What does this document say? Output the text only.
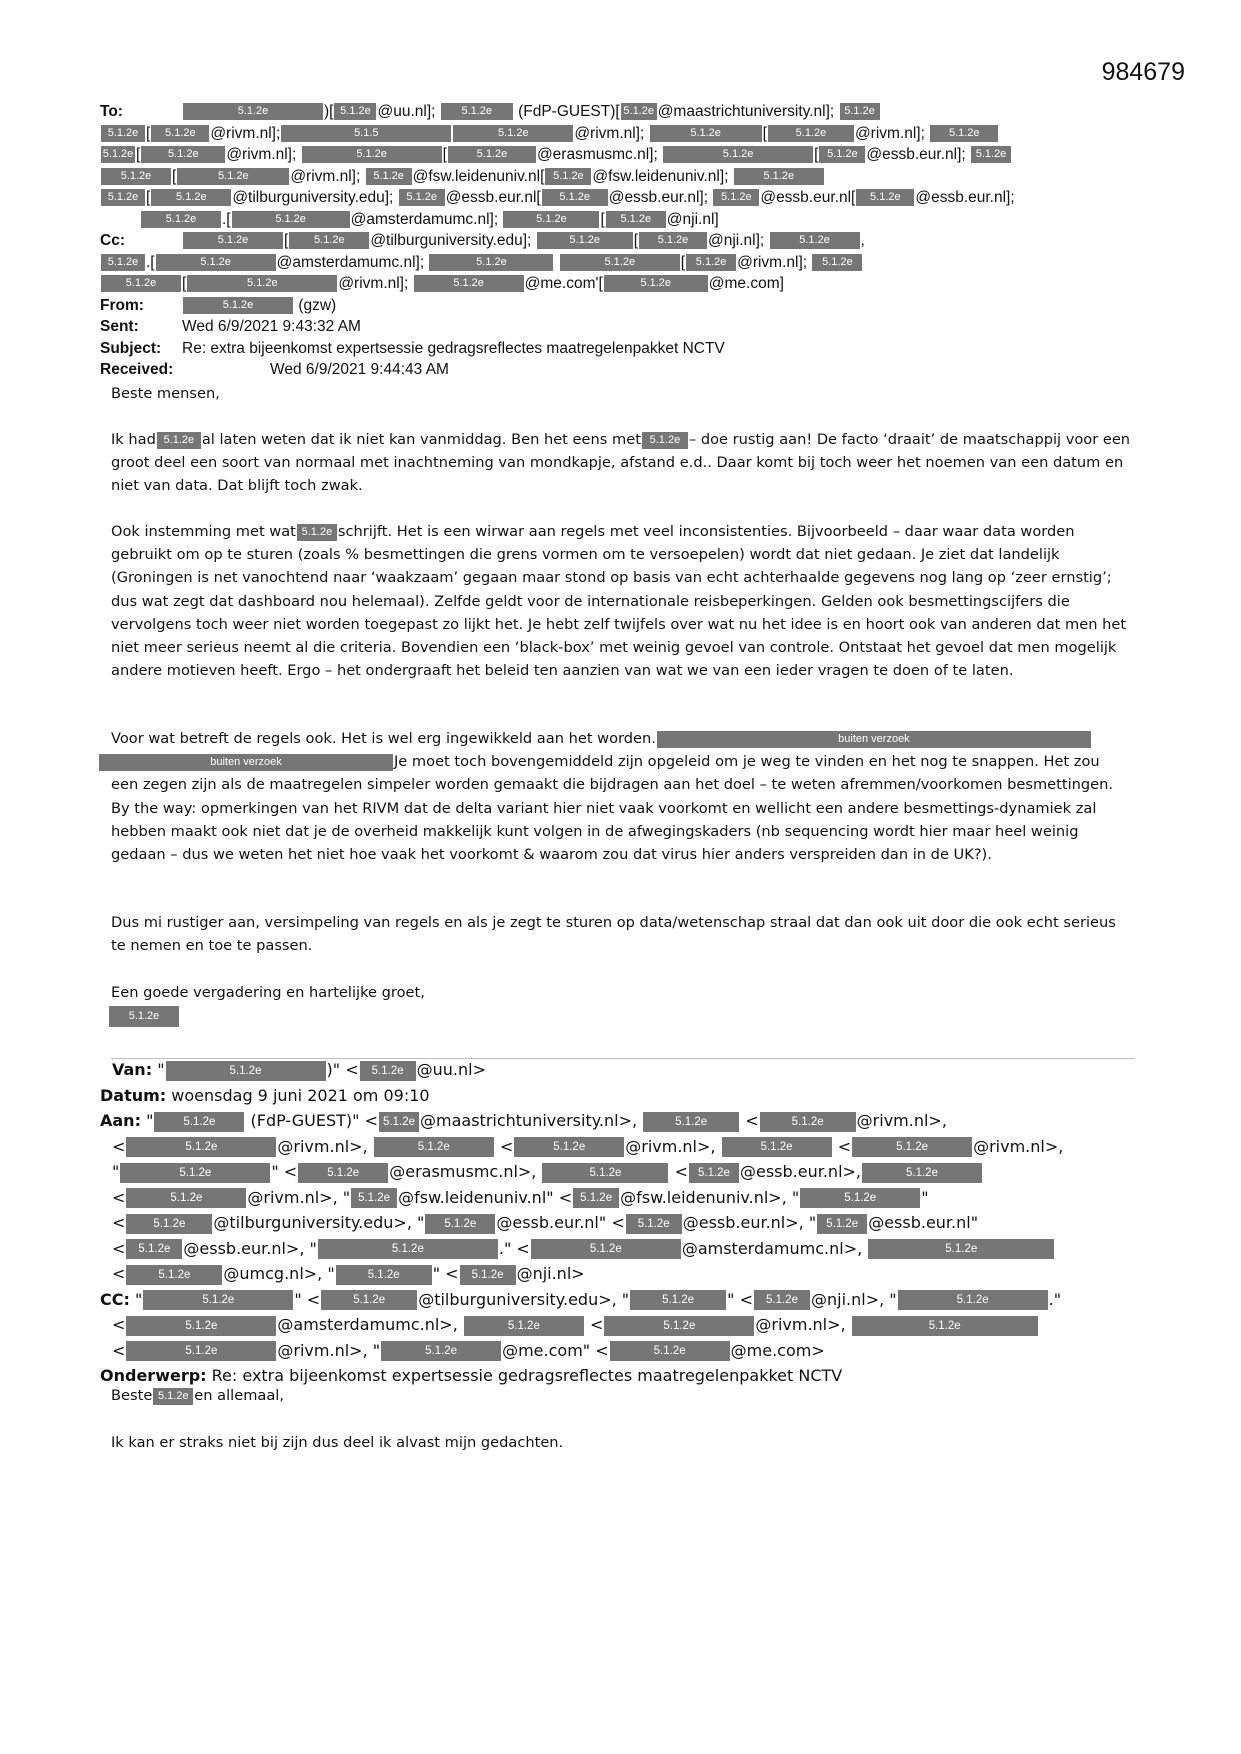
984679
To:	5.1.2e	)[ 5.1.2e @uu.nl]; 5.1.2e (FdP-GUEST)[ 5.1.2e @maastrichtuniversity.nl]; 5.1.2e
5.1.2e [ 5.1.2e @rivm.nl];	5.1.5	5.1.2e	@rivm.nl];	5.1.2e	[	5.1.2e @rivm.nl]; 5.1.2e
5.1.2e [	5.1.2e @rivm.nl];	5.1.2e	[	5.1.2e @erasmusmc.nl];	5.1.2e	[ 5.1.2e @essb.eur.nl]; 5.1.2e
5.1.2e [	5.1.2e	@rivm.nl]; 5.1.2e @fsw.leidenuniv.nl[ 5.1.2e @fsw.leidenuniv.nl];	5.1.2e
5.1.2e [ 5.1.2e @tilburguniversity.edu]; 5.1.2e @essb.eur.nl[ 5.1.2e @essb.eur.nl]; 5.1.2e @essb.eur.nl[ 5.1.2e @essb.eur.nl];
5.1.2e .[	5.1.2e	@amsterdamumc.nl];	5.1.2e [ 5.1.2e @nji.nl]
Cc:	5.1.2e [ 5.1.2e @tilburguniversity.edu];	5.1.2e [ 5.1.2e @nji.nl];	5.1.2e ,
5.1.2e .[	5.1.2e	@amsterdamumc.nl];	5.1.2e	5.1.2e	[ 5.1.2e @rivm.nl]; 5.1.2e
5.1.2e [	5.1.2e	@rivm.nl];	5.1.2e	@me.com'[	5.1.2e @me.com]
From:	5.1.2e	(gzw)
Sent:	Wed 6/9/2021 9:43:32 AM
Subject: Re: extra bijeenkomst expertsessie gedragsreflectes maatregelenpakket NCTV
Received:	Wed 6/9/2021 9:44:43 AM

Beste mensen,

Ik had 5.1.2e al laten weten dat ik niet kan vanmiddag. Ben het eens met 5.1.2e – doe rustig aan! De facto ‘draait’ de maatschappij voor een groot deel een soort van normaal met inachtneming van mondkapje, afstand e.d.. Daar komt bij toch weer het noemen van een datum en niet van data. Dat blijft toch zwak.

Ook instemming met wat 5.1.2e schrijft. Het is een wirwar aan regels met veel inconsistenties. Bijvoorbeeld – daar waar data worden gebruikt om op te sturen (zoals % besmettingen die grens vormen om te versoepelen) wordt dat niet gedaan. Je ziet dat landelijk (Groningen is net vanochtend naar ‘waakzaam’ gegaan maar stond op basis van echt achterhaalde gegevens nog lang op ‘zeer ernstig’; dus wat zegt dat dashboard nou helemaal). Zelfde geldt voor de internationale reisbeperkingen. Gelden ook besmettingscijfers die vervolgens toch weer niet worden toegepast zo lijkt het. Je hebt zelf twijfels over wat nu het idee is en hoort ook van anderen dat men het niet meer serieus neemt al die criteria. Bovendien een ‘black-box’ met weinig gevoel van controle. Ontstaat het gevoel dat men mogelijk andere motieven heeft. Ergo – het ondergraaft het beleid ten aanzien van wat we van een ieder vragen te doen of te laten.

Voor wat betreft de regels ook. Het is wel erg ingewikkeld aan het worden.	buiten verzoekbuiten verzoek	Je moet toch bovengemiddeld zijn opgeleid om je weg te vinden en het nog te snappen. Het zou een zegen zijn als de maatregelen simpeler worden gemaakt die bijdragen aan het doel – te weten afremmen/voorkomen besmettingen. By the way: opmerkingen van het RIVM dat de delta variant hier niet vaak voorkomt en wellicht een andere besmettings-dynamiek zal hebben maakt ook niet dat je de overheid makkelijk kunt volgen in de afwegingskaders (nb sequencing wordt hier maar heel weinig gedaan – dus we weten het niet hoe vaak het voorkomt & waarom zou dat virus hier anders verspreiden dan in de UK?).

Dus mi rustiger aan, versimpeling van regels en als je zegt te sturen op data/wetenschap straal dat dan ook uit door die ook echt serieus te nemen en toe te passen.

Een goede vergadering en hartelijke groet,

5.1.2e

Van: "	5.1.2e	)" < 5.1.2e @uu.nl>
Datum: woensdag 9 juni 2021 om 09:10
Aan: "	5.1.2e (FdP-GUEST)" < 5.1.2e @maastrichtuniversity.nl>,	5.1.2e <	5.1.2e @rivm.nl>,
<	5.1.2e	@rivm.nl>,	5.1.2e	<	5.1.2e	@rivm.nl>,	5.1.2e	<	5.1.2e	@rivm.nl>,
"	5.1.2e	" <	5.1.2e @erasmusmc.nl>,	5.1.2e	< 5.1.2e @essb.eur.nl>,	5.1.2e
<	5.1.2e	@rivm.nl>, " 5.1.2e @fsw.leidenuniv.nl" < 5.1.2e @fsw.leidenuniv.nl>, "	5.1.2e	"
< 5.1.2e @tilburguniversity.edu>, " 5.1.2e @essb.eur.nl" < 5.1.2e @essb.eur.nl>, " 5.1.2e @essb.eur.nl"
< 5.1.2e @essb.eur.nl>, "	5.1.2e	." <	5.1.2e	@amsterdamumc.nl>,	5.1.2e
<	5.1.2e @umcg.nl>, "	5.1.2e " < 5.1.2e @nji.nl>
CC: "	5.1.2e	" <	5.1.2e @tilburguniversity.edu>, "	5.1.2e " < 5.1.2e @nji.nl>, "	5.1.2e	."
<	5.1.2e	@amsterdamumc.nl>,	5.1.2e	<	5.1.2e	@rivm.nl>,	5.1.2e
<	5.1.2e	@rivm.nl>, "	5.1.2e	@me.com" <	5.1.2e	@me.com>
Onderwerp: Re: extra bijeenkomst expertsessie gedragsreflectes maatregelenpakket NCTV
Beste 5.1.2e en allemaal,
Ik kan er straks niet bij zijn dus deel ik alvast mijn gedachten.
